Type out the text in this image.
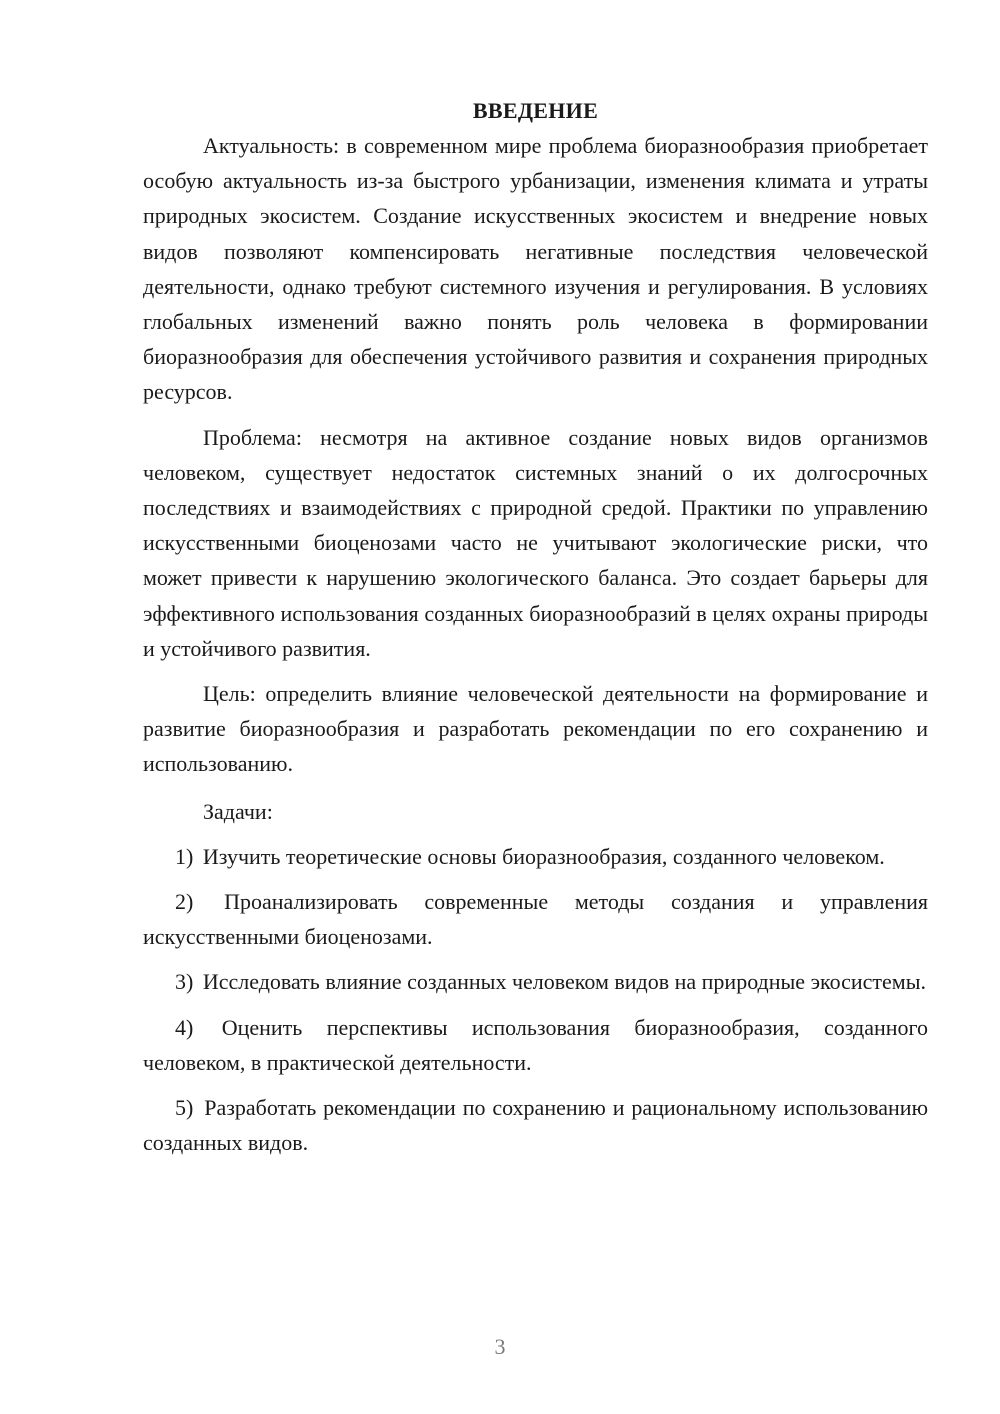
ВВЕДЕНИЕ

Актуальность: в современном мире проблема биоразнообразия приобретает особую актуальность из-за быстрого урбанизации, изменения климата и утраты природных экосистем. Создание искусственных экосистем и внедрение новых видов позволяют компенсировать негативные последствия человеческой деятельности, однако требуют системного изучения и регулирования. В условиях глобальных изменений важно понять роль человека в формировании биоразнообразия для обеспечения устойчивого развития и сохранения природных ресурсов.

Проблема: несмотря на активное создание новых видов организмов человеком, существует недостаток системных знаний о их долгосрочных последствиях и взаимодействиях с природной средой. Практики по управлению искусственными биоценозами часто не учитывают экологические риски, что может привести к нарушению экологического баланса. Это создает барьеры для эффективного использования созданных биоразнообразий в целях охраны природы и устойчивого развития.

Цель: определить влияние человеческой деятельности на формирование и развитие биоразнообразия и разработать рекомендации по его сохранению и использованию.

Задачи:

1) Изучить теоретические основы биоразнообразия, созданного человеком.

2) Проанализировать современные методы создания и управления искусственными биоценозами.

3) Исследовать влияние созданных человеком видов на природные экосистемы.

4) Оценить перспективы использования биоразнообразия, созданного человеком, в практической деятельности.

5) Разработать рекомендации по сохранению и рациональному использованию созданных видов.

3
